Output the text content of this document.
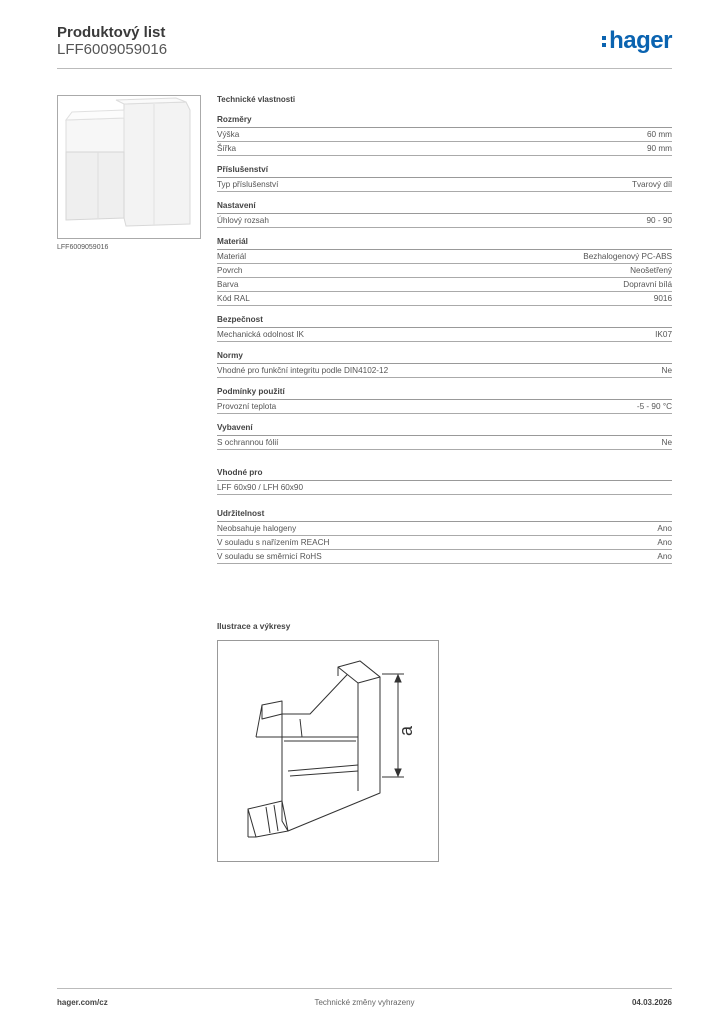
Produktový list
LFF6009059016	hager
LFF6009059016
Technické vlastnosti
Rozměry
Výška	60 mm
Šířka	90 mm
Příslušenství
Typ příslušenství	Tvarový díl
Nastavení
Úhlový rozsah	90 - 90
Materiál
Materiál	Bezhalogenový PC-ABS
Povrch	Neošetřený
Barva	Dopravní bílá
Kód RAL	9016
Bezpečnost
Mechanická odolnost IK	IK07
Normy
Vhodné pro funkční integritu podle DIN4102-12	Ne
Podmínky použití
Provozní teplota	-5 - 90 °C
Vybavení
S ochrannou fólií	Ne
Vhodné pro
LFF 60x90 / LFH 60x90
Udržitelnost
Neobsahuje halogeny	Ano
V souladu s nařízením REACH	Ano
V souladu se směrnicí RoHS	Ano
Ilustrace a výkresy
a
hager.com/cz	Technické změny vyhrazeny	04.03.2026
